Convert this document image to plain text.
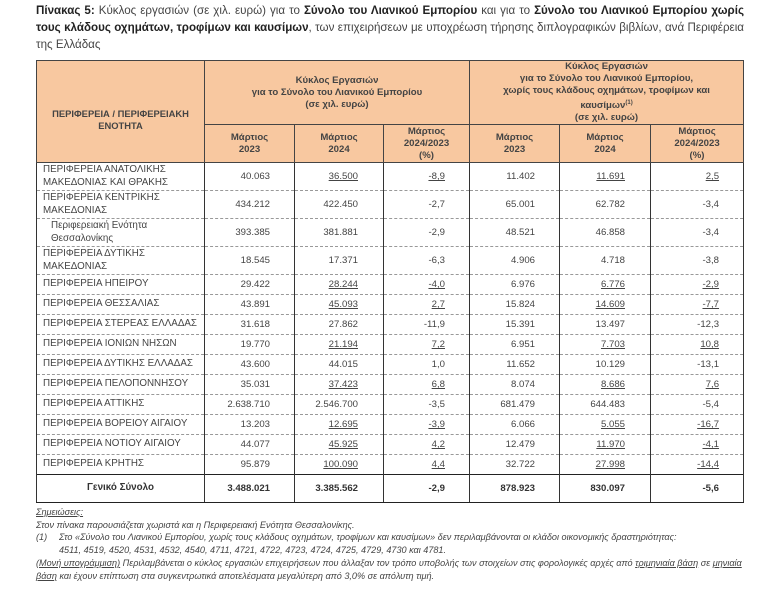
Πίνακας 5: Κύκλος εργασιών (σε χιλ. ευρώ) για το Σύνολο του Λιανικού Εμπορίου και για το Σύνολο του Λιανικού Εμπορίου χωρίς τους κλάδους οχημάτων, τροφίμων και καυσίμων, των επιχειρήσεων με υποχρέωση τήρησης διπλογραφικών βιβλίων, ανά Περιφέρεια της Ελλάδας
ΠΕΡΙΦΕΡΕΙΑ / ΠΕΡΙΦΕΡΕΙΑΚΗ ΕΝΟΤΗΤΑ	
Κύκλος Εργασιών
για το Σύνολο του Λιανικού Εμπορίου
(σε χιλ. ευρώ)

Κύκλος Εργασιών
για το Σύνολο του Λιανικού Εμπορίου,
χωρίς τους κλάδους οχημάτων, τροφίμων και καυσίμων$^{(1)}$
(σε χιλ. ευρώ)

Μάρτιος
2023

Μάρτιος
2024

Μάρτιος
2024/2023
(%)

Μάρτιος
2023

Μάρτιος
2024

Μάρτιος
2024/2023
(%)

ΠΕΡΙΦΕΡΕΙΑ ΑΝΑΤΟΛΙΚΗΣ ΜΑΚΕΔΟΝΙΑΣ ΚΑΙ ΘΡΑΚΗΣ	40.063	36.500	-8,9	11.402	11.691	2,5
ΠΕΡΙΦΕΡΕΙΑ ΚΕΝΤΡΙΚΗΣ ΜΑΚΕΔΟΝΙΑΣ	434.212	422.450	-2,7	65.001	62.782	-3,4
Περιφερειακή Ενότητα Θεσσαλονίκης	393.385	381.881	-2,9	48.521	46.858	-3,4
ΠΕΡΙΦΕΡΕΙΑ ΔΥΤΙΚΗΣ ΜΑΚΕΔΟΝΙΑΣ	18.545	17.371	-6,3	4.906	4.718	-3,8
ΠΕΡΙΦΕΡΕΙΑ ΗΠΕΙΡΟΥ	29.422	28.244	-4,0	6.976	6.776	-2,9
ΠΕΡΙΦΕΡΕΙΑ ΘΕΣΣΑΛΙΑΣ	43.891	45.093	2,7	15.824	14.609	-7,7
ΠΕΡΙΦΕΡΕΙΑ ΣΤΕΡΕΑΣ ΕΛΛΑΔΑΣ	31.618	27.862	-11,9	15.391	13.497	-12,3
ΠΕΡΙΦΕΡΕΙΑ ΙΟΝΙΩΝ ΝΗΣΩΝ	19.770	21.194	7,2	6.951	7.703	10,8
ΠΕΡΙΦΕΡΕΙΑ ΔΥΤΙΚΗΣ ΕΛΛΑΔΑΣ	43.600	44.015	1,0	11.652	10.129	-13,1
ΠΕΡΙΦΕΡΕΙΑ ΠΕΛΟΠΟΝΝΗΣΟΥ	35.031	37.423	6,8	8.074	8.686	7,6
ΠΕΡΙΦΕΡΕΙΑ ΑΤΤΙΚΗΣ	2.638.710	2.546.700	-3,5	681.479	644.483	-5,4
ΠΕΡΙΦΕΡΕΙΑ ΒΟΡΕΙΟΥ ΑΙΓΑΙΟΥ	13.203	12.695	-3,9	6.066	5.055	-16,7
ΠΕΡΙΦΕΡΕΙΑ ΝΟΤΙΟΥ ΑΙΓΑΙΟΥ	44.077	45.925	4,2	12.479	11.970	-4,1
ΠΕΡΙΦΕΡΕΙΑ ΚΡΗΤΗΣ	95.879	100.090	4,4	32.722	27.998	-14,4
Γενικό Σύνολο	3.488.021	3.385.562	-2,9	878.923	830.097	-5,6
Σημειώσεις:
Στον πίνακα παρουσιάζεται χωριστά και η Περιφερειακή Ενότητα Θεσσαλονίκης.
(1) Στο «Σύνολο του Λιανικού Εμπορίου, χωρίς τους κλάδους οχημάτων, τροφίμων και καυσίμων» δεν περιλαμβάνονται οι κλάδοι οικονομικής δραστηριότητας:
4511, 4519, 4520, 4531, 4532, 4540, 4711, 4721, 4722, 4723, 4724, 4725, 4729, 4730 και 4781.
(Μονή υπογράμμιση) Περιλαμβάνεται ο κύκλος εργασιών επιχειρήσεων που άλλαξαν τον τρόπο υποβολής των στοιχείων στις φορολογικές αρχές από τριμηνιαία βάση σε μηνιαία βάση και έχουν επίπτωση στα συγκεντρωτικά αποτελέσματα μεγαλύτερη από 3,0% σε απόλυτη τιμή.
